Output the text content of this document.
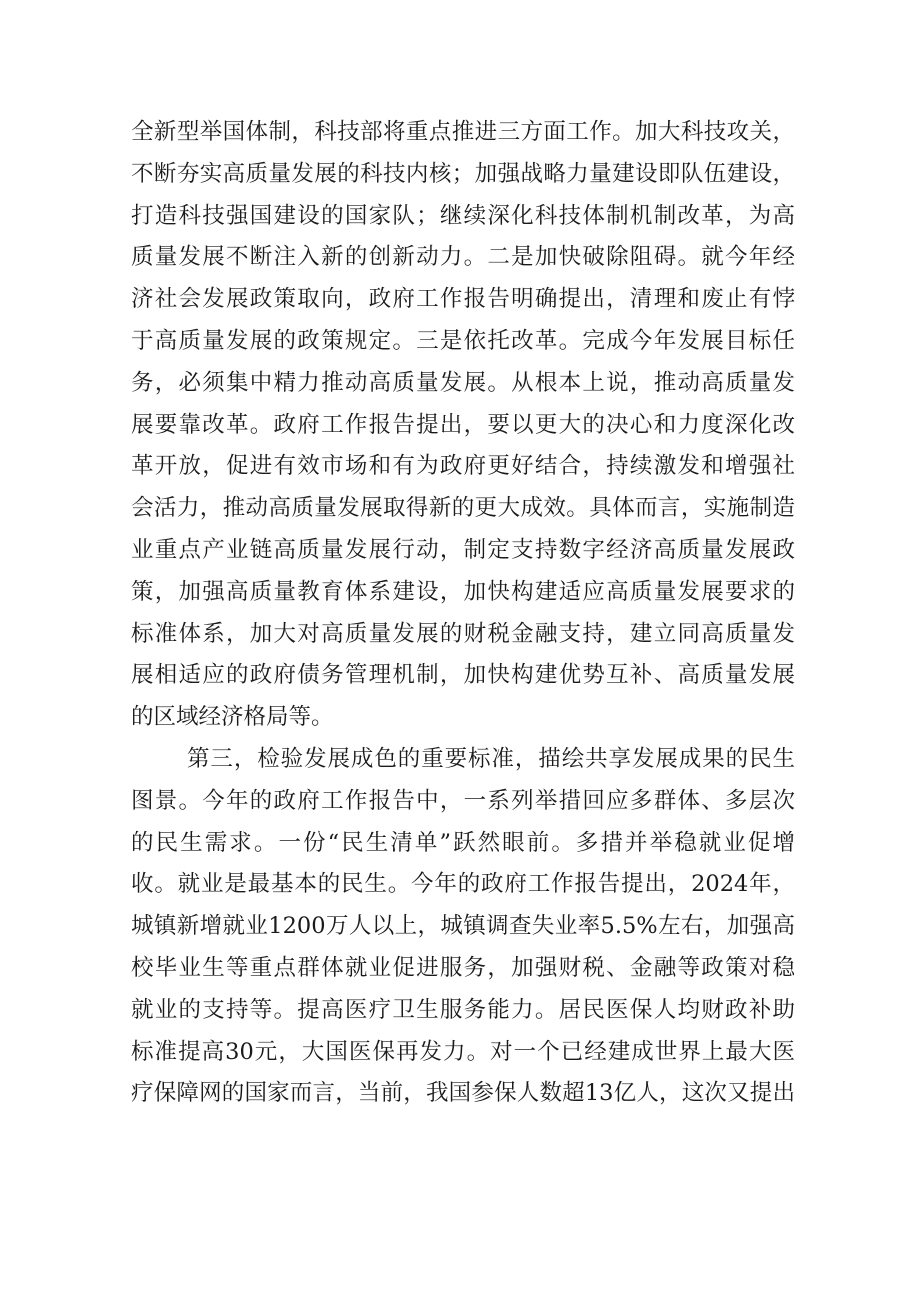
全新型举国体制，科技部将重点推进三方面工作。加大科技攻关，
不断夯实高质量发展的科技内核；加强战略力量建设即队伍建设，
打造科技强国建设的国家队；继续深化科技体制机制改革，为高
质量发展不断注入新的创新动力。二是加快破除阻碍。就今年经
济社会发展政策取向，政府工作报告明确提出，清理和废止有悖
于高质量发展的政策规定。三是依托改革。完成今年发展目标任
务，必须集中精力推动高质量发展。从根本上说，推动高质量发
展要靠改革。政府工作报告提出，要以更大的决心和力度深化改
革开放，促进有效市场和有为政府更好结合，持续激发和增强社
会活力，推动高质量发展取得新的更大成效。具体而言，实施制造
业重点产业链高质量发展行动，制定支持数字经济高质量发展政
策，加强高质量教育体系建设，加快构建适应高质量发展要求的
标准体系，加大对高质量发展的财税金融支持，建立同高质量发
展相适应的政府债务管理机制，加快构建优势互补、高质量发展
的区域经济格局等。
第三，检验发展成色的重要标准，描绘共享发展成果的民生
图景。今年的政府工作报告中，一系列举措回应多群体、多层次
的民生需求。一份“民生清单”跃然眼前。多措并举稳就业促增
收。就业是最基本的民生。今年的政府工作报告提出，2024年，
城镇新增就业1200万人以上，城镇调查失业率5.5%左右，加强高
校毕业生等重点群体就业促进服务，加强财税、金融等政策对稳
就业的支持等。提高医疗卫生服务能力。居民医保人均财政补助
标准提高30元，大国医保再发力。对一个已经建成世界上最大医
疗保障网的国家而言，当前，我国参保人数超13亿人，这次又提出
